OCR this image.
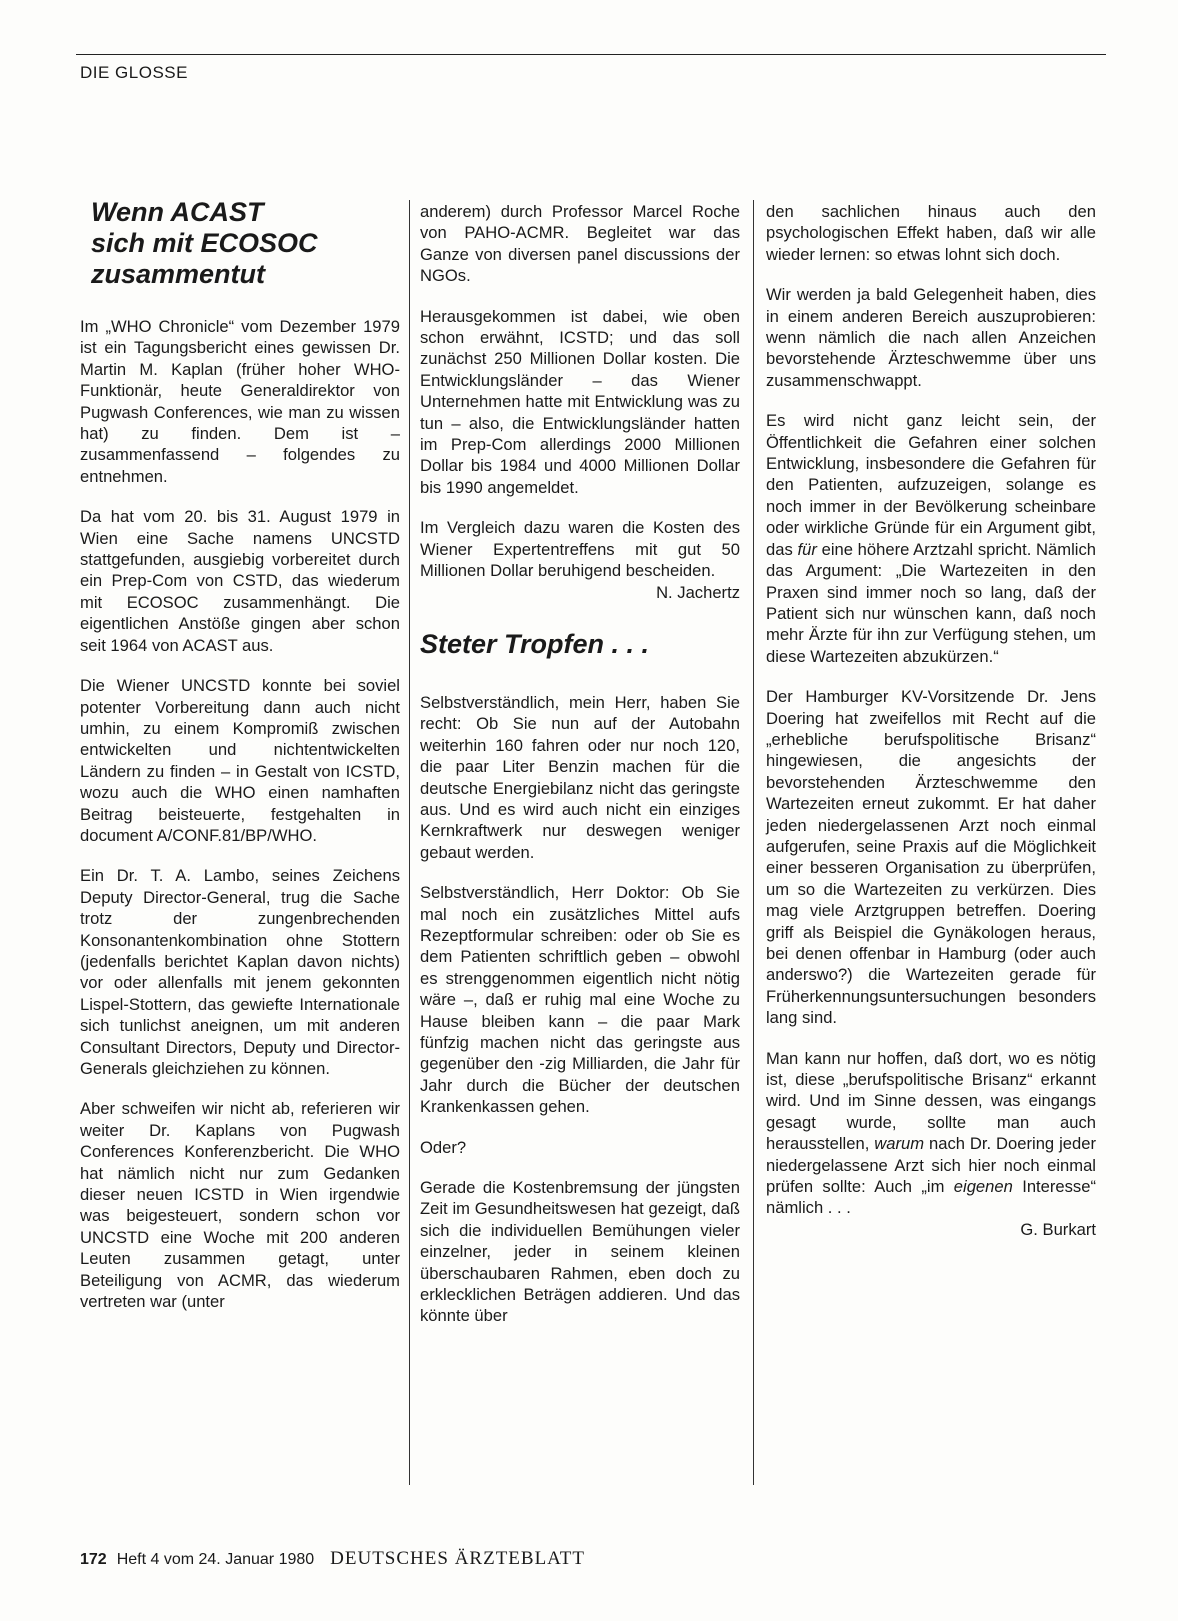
DIE GLOSSE
Wenn ACAST
sich mit ECOSOC
zusammentut

Im „WHO Chronicle“ vom Dezember 1979 ist ein Tagungsbericht eines gewissen Dr. Martin M. Kaplan (früher hoher WHO-Funktionär, heute Generaldirektor von Pugwash Conferences, wie man zu wissen hat) zu finden. Dem ist – zusammenfassend – folgendes zu entnehmen.

Da hat vom 20. bis 31. August 1979 in Wien eine Sache namens UNCSTD stattgefunden, ausgiebig vorbereitet durch ein Prep-Com von CSTD, das wiederum mit ECOSOC zusammenhängt. Die eigentlichen Anstöße gingen aber schon seit 1964 von ACAST aus.

Die Wiener UNCSTD konnte bei soviel potenter Vorbereitung dann auch nicht umhin, zu einem Kompromiß zwischen entwickelten und nichtentwickelten Ländern zu finden – in Gestalt von ICSTD, wozu auch die WHO einen namhaften Beitrag beisteuerte, festgehalten in document A/CONF.81/BP/WHO.

Ein Dr. T. A. Lambo, seines Zeichens Deputy Director-General, trug die Sache trotz der zungenbrechenden Konsonantenkombination ohne Stottern (jedenfalls berichtet Kaplan davon nichts) vor oder allenfalls mit jenem gekonnten Lispel-Stottern, das gewiefte Internationale sich tunlichst aneignen, um mit anderen Consultant Directors, Deputy und Director-Generals gleichziehen zu können.

Aber schweifen wir nicht ab, referieren wir weiter Dr. Kaplans von Pugwash Conferences Konferenzbericht. Die WHO hat nämlich nicht nur zum Gedanken dieser neuen ICSTD in Wien irgendwie was beigesteuert, sondern schon vor UNCSTD eine Woche mit 200 anderen Leuten zusammen getagt, unter Beteiligung von ACMR, das wiederum vertreten war (unter

anderem) durch Professor Marcel Roche von PAHO-ACMR. Begleitet war das Ganze von diversen panel discussions der NGOs.

Herausgekommen ist dabei, wie oben schon erwähnt, ICSTD; und das soll zunächst 250 Millionen Dollar kosten. Die Entwicklungsländer – das Wiener Unternehmen hatte mit Entwicklung was zu tun – also, die Entwicklungsländer hatten im Prep-Com allerdings 2000 Millionen Dollar bis 1984 und 4000 Millionen Dollar bis 1990 angemeldet.

Im Vergleich dazu waren die Kosten des Wiener Expertentreffens mit gut 50 Millionen Dollar beruhigend bescheiden.

N. Jachertz
Steter Tropfen . . .

Selbstverständlich, mein Herr, haben Sie recht: Ob Sie nun auf der Autobahn weiterhin 160 fahren oder nur noch 120, die paar Liter Benzin machen für die deutsche Energiebilanz nicht das geringste aus. Und es wird auch nicht ein einziges Kernkraftwerk nur deswegen weniger gebaut werden.

Selbstverständlich, Herr Doktor: Ob Sie mal noch ein zusätzliches Mittel aufs Rezeptformular schreiben: oder ob Sie es dem Patienten schriftlich geben – obwohl es strenggenommen eigentlich nicht nötig wäre –, daß er ruhig mal eine Woche zu Hause bleiben kann – die paar Mark fünfzig machen nicht das geringste aus gegenüber den -zig Milliarden, die Jahr für Jahr durch die Bücher der deutschen Krankenkassen gehen.

Oder?

Gerade die Kostenbremsung der jüngsten Zeit im Gesundheitswesen hat gezeigt, daß sich die individuellen Bemühungen vieler einzelner, jeder in seinem kleinen überschaubaren Rahmen, eben doch zu erklecklichen Beträgen addieren. Und das könnte über

den sachlichen hinaus auch den psychologischen Effekt haben, daß wir alle wieder lernen: so etwas lohnt sich doch.

Wir werden ja bald Gelegenheit haben, dies in einem anderen Bereich auszuprobieren: wenn nämlich die nach allen Anzeichen bevorstehende Ärzteschwemme über uns zusammenschwappt.

Es wird nicht ganz leicht sein, der Öffentlichkeit die Gefahren einer solchen Entwicklung, insbesondere die Gefahren für den Patienten, aufzuzeigen, solange es noch immer in der Bevölkerung scheinbare oder wirkliche Gründe für ein Argument gibt, das für eine höhere Arztzahl spricht. Nämlich das Argument: „Die Wartezeiten in den Praxen sind immer noch so lang, daß der Patient sich nur wünschen kann, daß noch mehr Ärzte für ihn zur Verfügung stehen, um diese Wartezeiten abzukürzen.“

Der Hamburger KV-Vorsitzende Dr. Jens Doering hat zweifellos mit Recht auf die „erhebliche berufspolitische Brisanz“ hingewiesen, die angesichts der bevorstehenden Ärzteschwemme den Wartezeiten erneut zukommt. Er hat daher jeden niedergelassenen Arzt noch einmal aufgerufen, seine Praxis auf die Möglichkeit einer besseren Organisation zu überprüfen, um so die Wartezeiten zu verkürzen. Dies mag viele Arztgruppen betreffen. Doering griff als Beispiel die Gynäkologen heraus, bei denen offenbar in Hamburg (oder auch anderswo?) die Wartezeiten gerade für Früherkennungsuntersuchungen besonders lang sind.

Man kann nur hoffen, daß dort, wo es nötig ist, diese „berufspolitische Brisanz“ erkannt wird. Und im Sinne dessen, was eingangs gesagt wurde, sollte man auch herausstellen, warum nach Dr. Doering jeder niedergelassene Arzt sich hier noch einmal prüfen sollte: Auch „im eigenen Interesse“ nämlich . . .

G. Burkart
172 Heft 4 vom 24. Januar 1980 DEUTSCHES ÄRZTEBLATT
